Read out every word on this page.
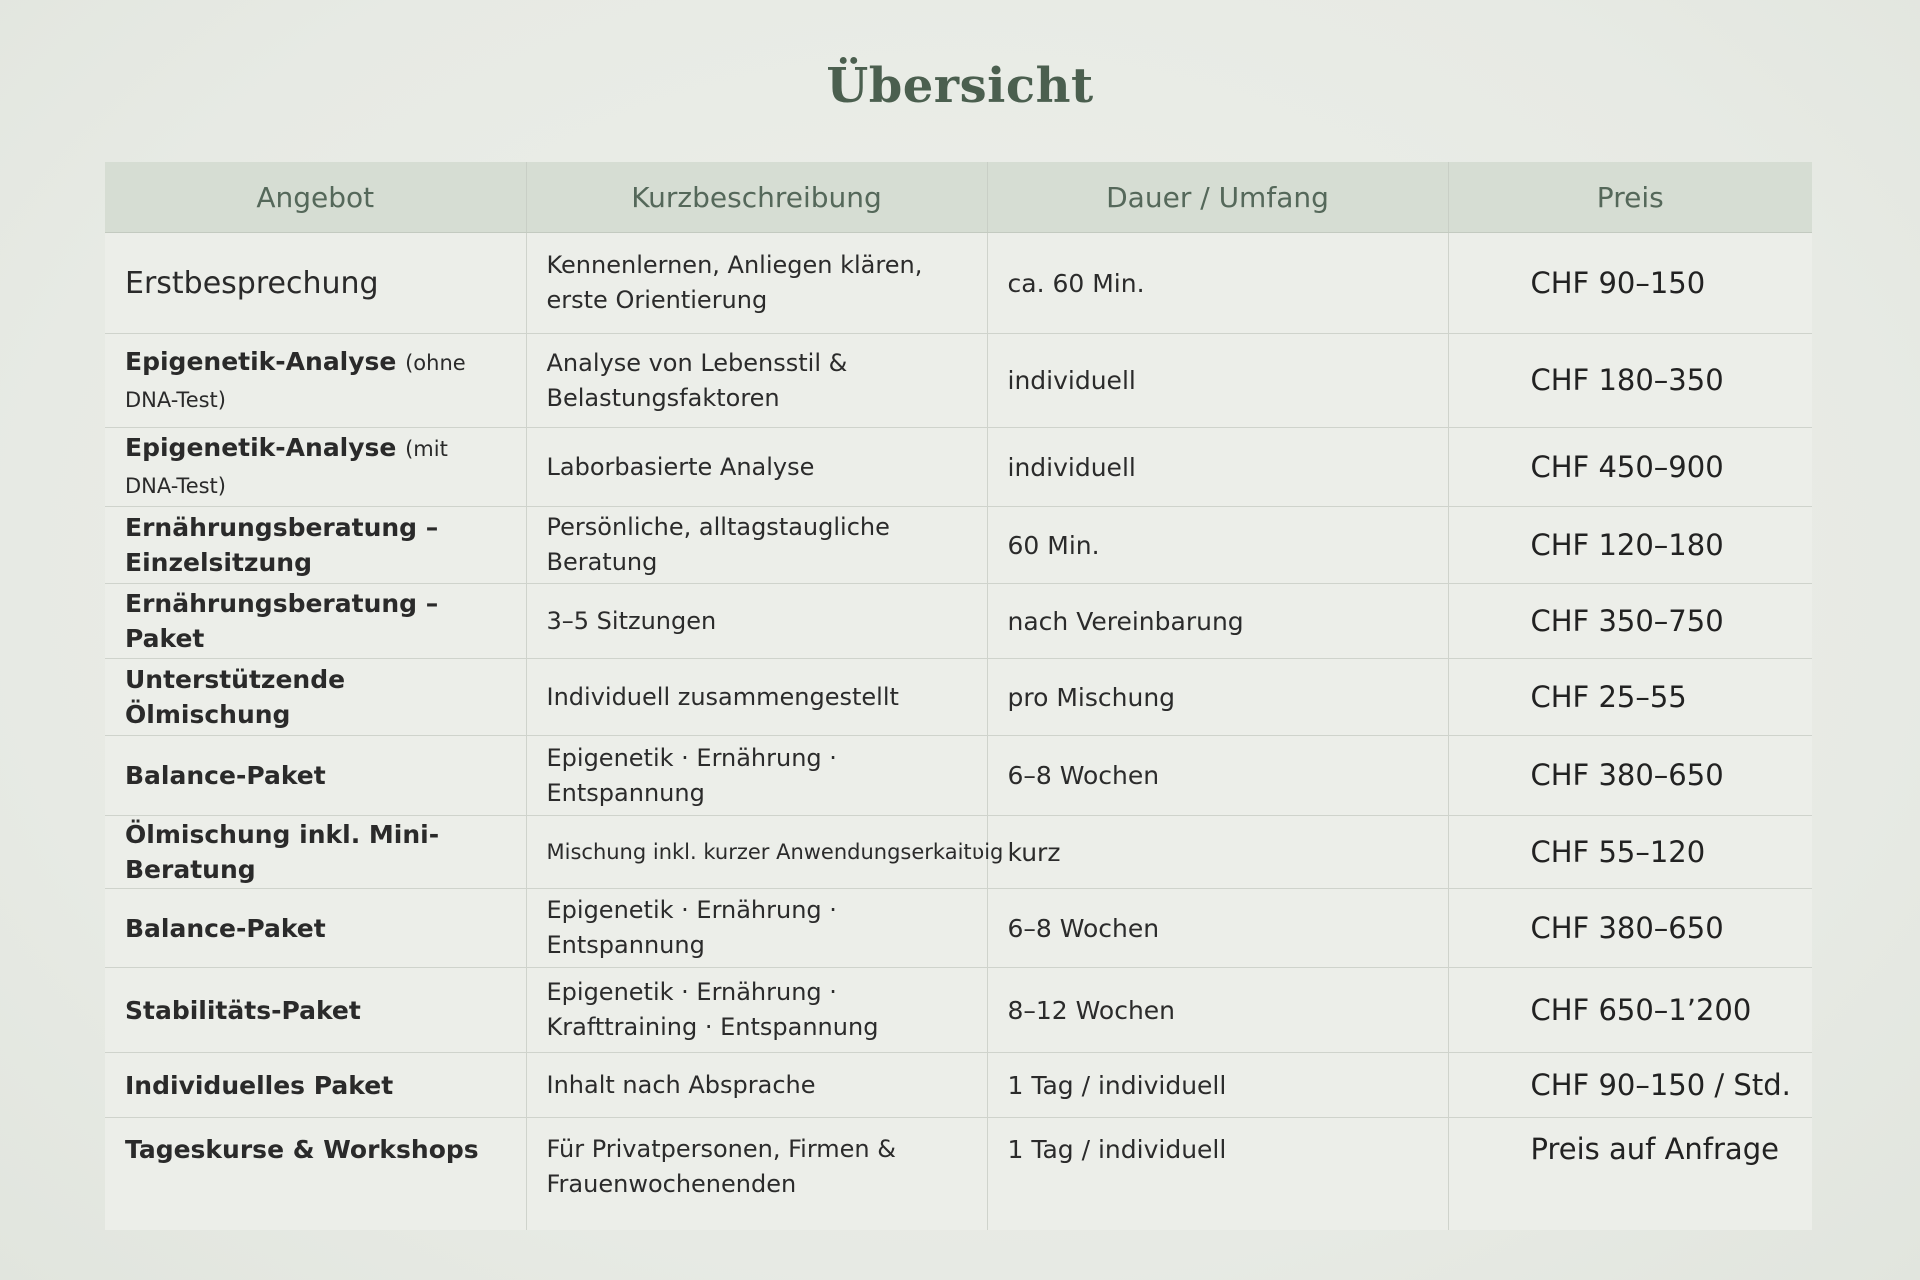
Übersicht
Angebot	Kurzbeschreibung	Dauer / Umfang	Preis
Erstbesprechung	Kennenlernen, Anliegen klären, erste Orientierung	ca. 60 Min.	CHF 90–150
Epigenetik-Analyse (ohne DNA-Test)	Analyse von Lebensstil & Belastungsfaktoren	individuell	CHF 180–350
Epigenetik-Analyse (mit DNA-Test)	Laborbasierte Analyse	individuell	CHF 450–900
Ernährungsberatung – Einzelsitzung	Persönliche, alltagstaugliche Beratung	60 Min.	CHF 120–180
Ernährungsberatung – Paket	3–5 Sitzungen	nach Vereinbarung	CHF 350–750
Unterstützende Ölmischung	Individuell zusammengestellt	pro Mischung	CHF 25–55
Balance-Paket	Epigenetik · Ernährung · Entspannung	6–8 Wochen	CHF 380–650
Ölmischung inkl. Mini-Beratung	Mischung inkl. kurzer Anwendungserkaitʋig	kurz	CHF 55–120
Balance-Paket	Epigenetik · Ernährung · Entspannung	6–8 Wochen	CHF 380–650
Stabilitäts-Paket	Epigenetik · Ernährung · Krafttraining · Entspannung	8–12 Wochen	CHF 650–1’200
Individuelles Paket	Inhalt nach Absprache	1 Tag / individuell	CHF 90–150 / Std.
Tageskurse & Workshops	Für Privatpersonen, Firmen & Frauenwochenenden	1 Tag / individuell	Preis auf Anfrage
